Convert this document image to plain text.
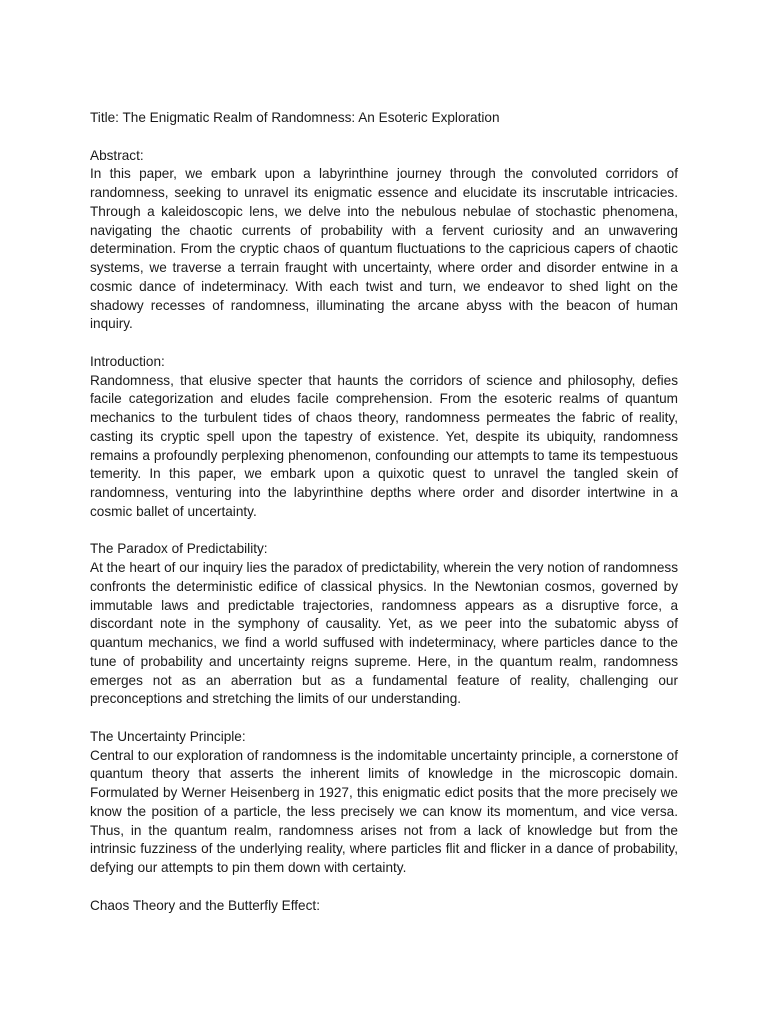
Title: The Enigmatic Realm of Randomness: An Esoteric Exploration

Abstract:

In this paper, we embark upon a labyrinthine journey through the convoluted corridors of randomness, seeking to unravel its enigmatic essence and elucidate its inscrutable intricacies. Through a kaleidoscopic lens, we delve into the nebulous nebulae of stochastic phenomena, navigating the chaotic currents of probability with a fervent curiosity and an unwavering determination. From the cryptic chaos of quantum fluctuations to the capricious capers of chaotic systems, we traverse a terrain fraught with uncertainty, where order and disorder entwine in a cosmic dance of indeterminacy. With each twist and turn, we endeavor to shed light on the shadowy recesses of randomness, illuminating the arcane abyss with the beacon of human inquiry.

Introduction:

Randomness, that elusive specter that haunts the corridors of science and philosophy, defies facile categorization and eludes facile comprehension. From the esoteric realms of quantum mechanics to the turbulent tides of chaos theory, randomness permeates the fabric of reality, casting its cryptic spell upon the tapestry of existence. Yet, despite its ubiquity, randomness remains a profoundly perplexing phenomenon, confounding our attempts to tame its tempestuous temerity. In this paper, we embark upon a quixotic quest to unravel the tangled skein of randomness, venturing into the labyrinthine depths where order and disorder intertwine in a cosmic ballet of uncertainty.

The Paradox of Predictability:

At the heart of our inquiry lies the paradox of predictability, wherein the very notion of randomness confronts the deterministic edifice of classical physics. In the Newtonian cosmos, governed by immutable laws and predictable trajectories, randomness appears as a disruptive force, a discordant note in the symphony of causality. Yet, as we peer into the subatomic abyss of quantum mechanics, we find a world suffused with indeterminacy, where particles dance to the tune of probability and uncertainty reigns supreme. Here, in the quantum realm, randomness emerges not as an aberration but as a fundamental feature of reality, challenging our preconceptions and stretching the limits of our understanding.

The Uncertainty Principle:

Central to our exploration of randomness is the indomitable uncertainty principle, a cornerstone of quantum theory that asserts the inherent limits of knowledge in the microscopic domain. Formulated by Werner Heisenberg in 1927, this enigmatic edict posits that the more precisely we know the position of a particle, the less precisely we can know its momentum, and vice versa. Thus, in the quantum realm, randomness arises not from a lack of knowledge but from the intrinsic fuzziness of the underlying reality, where particles flit and flicker in a dance of probability, defying our attempts to pin them down with certainty.

Chaos Theory and the Butterfly Effect:
